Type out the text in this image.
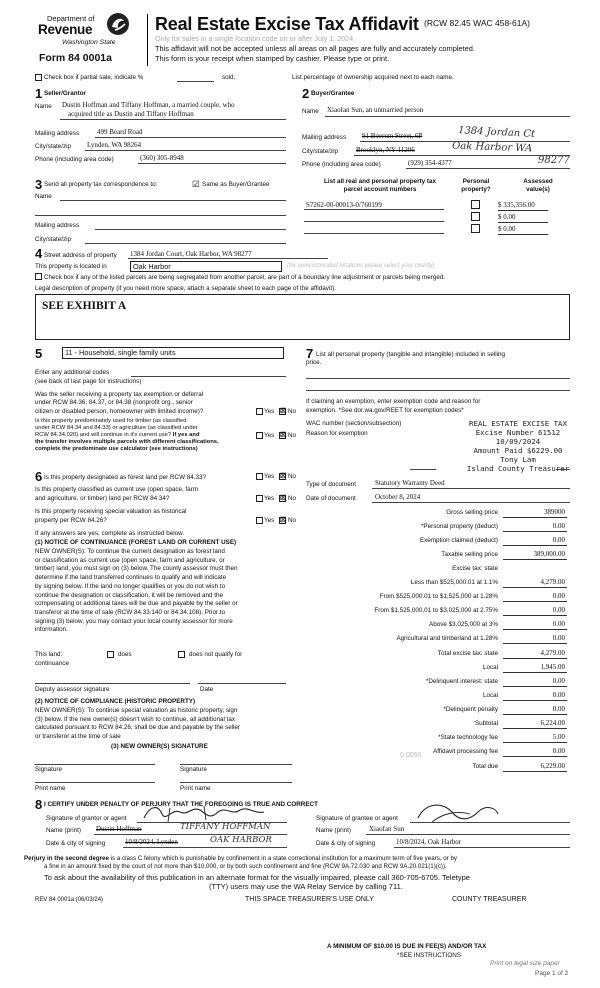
Department of
Revenue
Washington State
Form 84 0001a
Real Estate Excise Tax Affidavit (RCW 82.45 WAC 458-61A)
Only for sales in a single location code on or after July 1, 2024.
This affidavit will not be accepted unless all areas on all pages are fully and accurately completed.
This form is your receipt when stamped by cashier. Please type or print.
Check box if partial sale, indicate %	sold.	List percentage of ownership acquired next to each name.
1 Seller/Grantor
Name Dustin Hoffman and Tiffany Hoffman, a married couple, who
acquired title as Dustin and Tiffany Hoffman
Mailing address	499 Beard Road
City/state/zip Lynden, WA 98264
Phone (including area code)	(360) 305-8948
2 Buyer/Grantee
Name Xiaofan Sun, an unmarried person
Mailing address 91 Boerum Street, 6P	1384 Jordan Ct
City/state/zip	Brooklyn, NY 11206	Oak Harbor WA
Phone (including area code)	(929) 354-4377	98277
3 Send all property tax correspondence to:	☑ Same as Buyer/Grantee
Name
Mailing address
City/state/zip
List all real and personal property tax
parcel account numbers
Personal
property?
Assessed
value(s)
S7262-00-00013-0/760199	$ 335,356.00
$ 0.00
$ 0.00
4 Street address of property 1384 Jordan Court, Oak Harbor, WA 98277
This property is located in	Oak Harbor	(for unincorporated locations please select your county)
Check box if any of the listed parcels are being segregated from another parcel, are part of a boundary line adjustment or parcels being merged.
Legal description of property (if you need more space, attach a separate sheet to each page of the affidavit).
SEE EXHIBIT A
5	11 - Household, single family units
Enter any additional codes
(see back of last page for instructions)
Was the seller receiving a property tax exemption or deferral
under RCW 84.36, 84.37, or 84.38 (nonprofit org., senior
citizen or disabled person, homeowner with limited income)?	Yes ☒ No
Is this property predominately used for timber (as classified
under RCW 84.34 and 84.33) or agriculture (as classified under
RCW 84.34.020) and will continue in it's current use? If yes and
the transfer involves multiple parcels with different classifications,
complete the predominate use calculator (see instructions)
Yes ☒ No
7 List all personal property (tangible and intangible) included in selling
price.
If claiming an exemption, enter exemption code and reason for
exemption. *See dor.wa.gov/REET for exemption codes*
WAC number (section/subsection)
Reason for exemption
REAL ESTATE EXCISE TAX
Excise Number 61512
10/09/2024
Amount Paid $6229.00
Tony Lam
Island County Treasurer
6 Is this property designated as forest land per RCW 84.33?	Yes ☒ No
Is this property classified as current use (open space, farm
and agriculture, or timber) land per RCW 84.34?	Yes ☒ No
Is this property receiving special valuation as historical
property per RCW 84.26?	Yes ☒ No
If any answers are yes, complete as instructed below.
(1) NOTICE OF CONTINUANCE (FOREST LAND OR CURRENT USE)
NEW OWNER(S): To continue the current designation as forest land
or classification as current use (open space, farm and agriculture, or
timber) land, you must sign on (3) below. The county assessor must then
determine if the land transferred continues to qualify and will indicate
by signing below. If the land no longer qualifies or you do not wish to
continue the designation or classification, it will be removed and the
compensating or additional taxes will be due and payable by the seller or
transferor at the time of sale (RCW 84.33.140 or 84.34.108). Prior to
signing (3) below, you may contact your local county assessor for more
information.
This land:	does	does not qualify for
continuance
Deputy assessor signature	Date
(2) NOTICE OF COMPLIANCE (HISTORIC PROPERTY)
NEW OWNER(S): To continue special valuation as historic property, sign
(3) below. If the new owner(s) doesn't wish to continue, all additional tax
calculated pursuant to RCW 84.26, shall be due and payable by the seller
or transferor at the time of sale
(3) NEW OWNER(S) SIGNATURE
Signature	Signature
Print name	Print name
Type of document	Statutory Warranty Deed
Date of document	October 8, 2024
Gross selling price	389000
*Personal property (deduct)	0.00
Exemption claimed (deduct)	0.00
Taxable selling price	389,000.00
Excise tax: state
Less than $525,000.01 at 1.1%	4,279.00
From $525,000.01 to $1,525,000 at 1.28%	0.00
From $1,525,000.01 to $3,025,000 at 2.75%	0.00
Above $3,025,000 at 3%	0.00
Agricultural and timberland at 1.28%	0.00
Total excise tax: state	4,279.00
Local	1,945.00
*Delinquent interest: state	0.00
Local	0.00
*Delinquent penalty	0.00
Subtotal	6,224.00
*State technology fee	5.00
Affidavit processing fee	0.00
Total due	6,229.00
0.0050
A MINIMUM OF $10.00 IS DUE IN FEE(S) AND/OR TAX
*SEE INSTRUCTIONS
8 I CERTIFY UNDER PENALTY OF PERJURY THAT THE FOREGOING IS TRUE AND CORRECT
Signature of grantor or agent
Name (print) Dustin Hoffman	TIFFANY HOFFMAN
Date & city of signing	10/8/2024, Lynden	OAK HARBOR
Signature of grantee or agent
Name (print)	Xiaofan Sun
Date & city of signing	10/8/2024, Oak Harbor
Perjury in the second degree is a class C felony which is punishable by confinement in a state correctional institution for a maximum term of five years, or by
a fine in an amount fixed by the court of not more than $10,000, or by both such confinement and fine (RCW 9A.72.030 and RCW 9A.20.021(1)(c)).
To ask about the availability of this publication in an alternate format for the visually impaired, please call 360-705-6705. Teletype
(TTY) users may use the WA Relay Service by calling 711.
REV 84 0001a (06/03/24)	THIS SPACE TREASURER'S USE ONLY	COUNTY TREASURER
Print on legal size paper
Page 1 of 2
